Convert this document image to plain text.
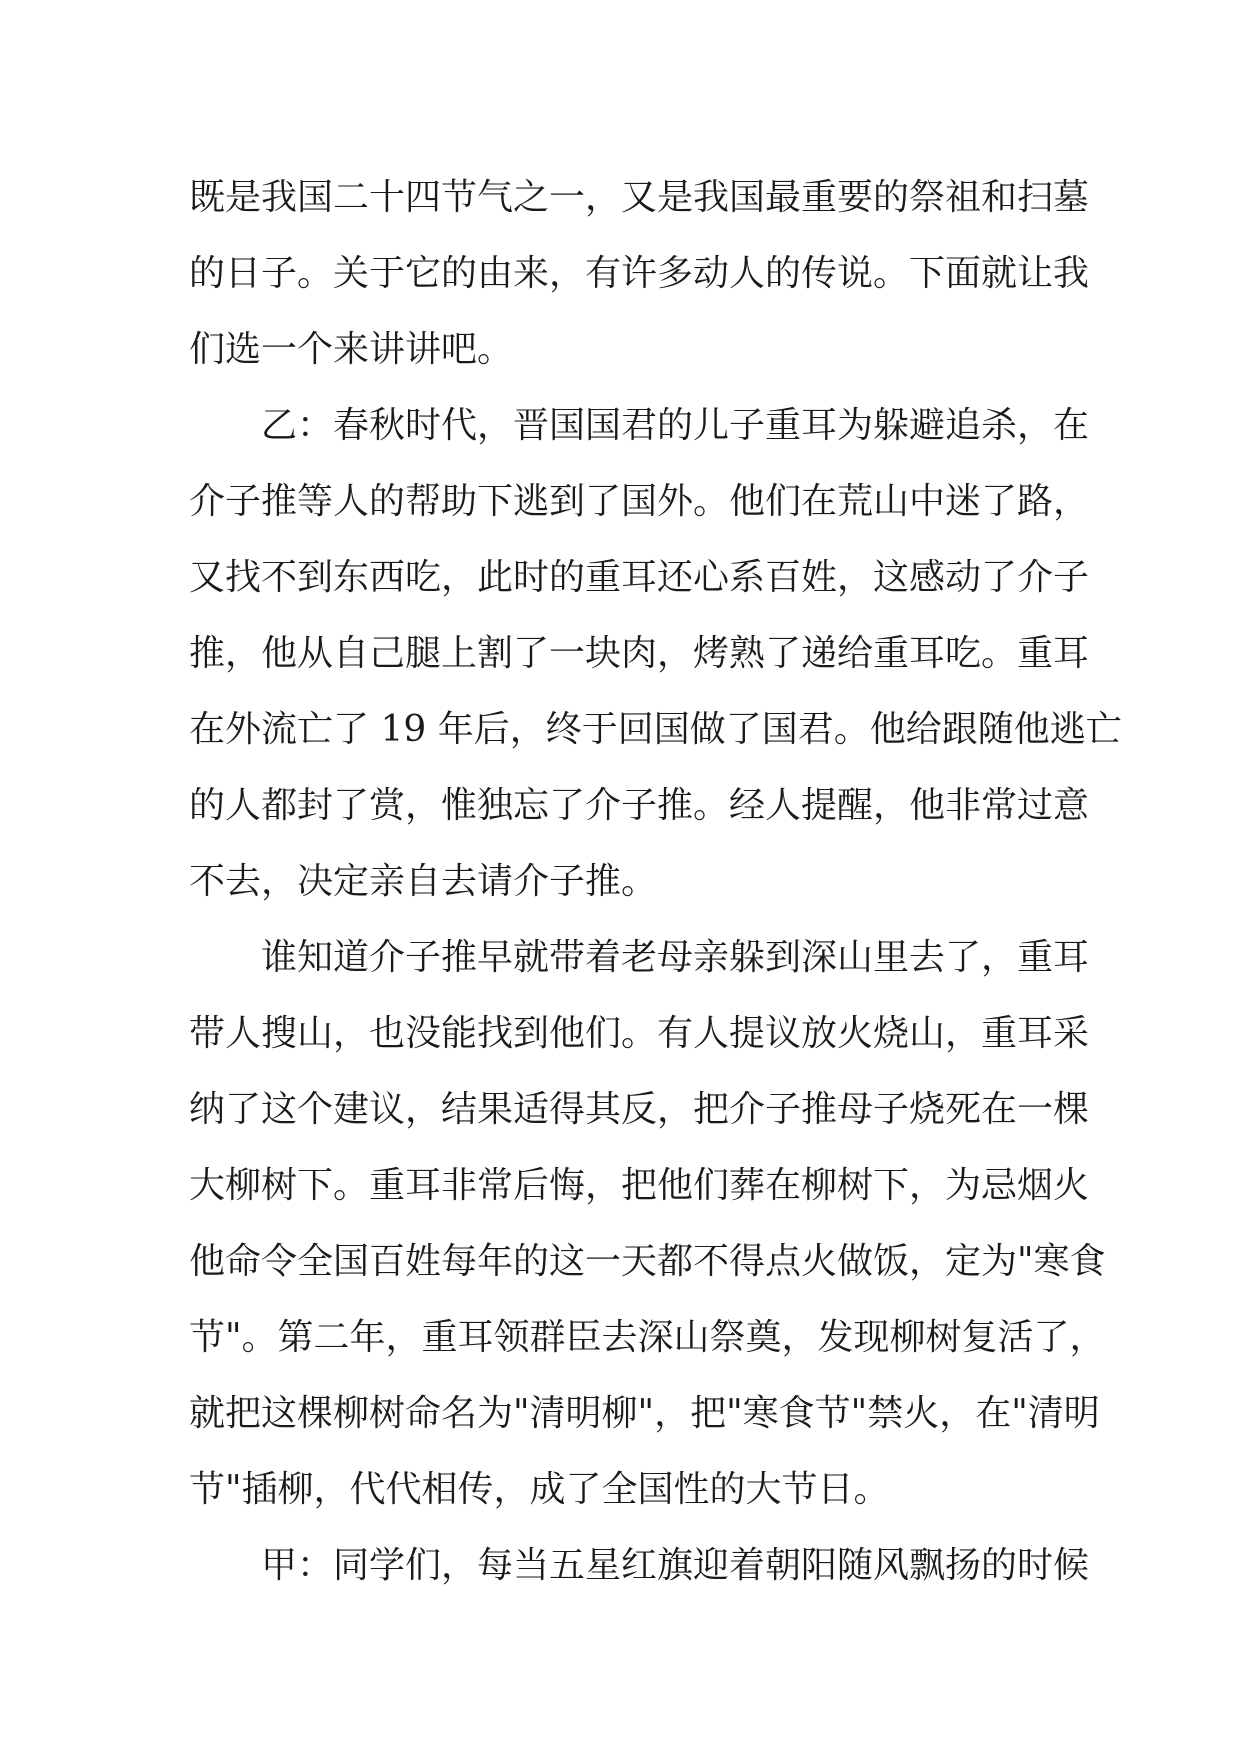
既是我国二十四节气之一，又是我国最重要的祭祖和扫墓
的日子。关于它的由来，有许多动人的传说。下面就让我
们选一个来讲讲吧。
乙：春秋时代，晋国国君的儿子重耳为躲避追杀，在
介子推等人的帮助下逃到了国外。他们在荒山中迷了路，
又找不到东西吃，此时的重耳还心系百姓，这感动了介子
推，他从自己腿上割了一块肉，烤熟了递给重耳吃。重耳
在外流亡了 19 年后，终于回国做了国君。他给跟随他逃亡
的人都封了赏，惟独忘了介子推。经人提醒，他非常过意
不去，决定亲自去请介子推。
谁知道介子推早就带着老母亲躲到深山里去了，重耳
带人搜山，也没能找到他们。有人提议放火烧山，重耳采
纳了这个建议，结果适得其反，把介子推母子烧死在一棵
大柳树下。重耳非常后悔，把他们葬在柳树下，为忌烟火
他命令全国百姓每年的这一天都不得点火做饭，定为"寒食
节"。第二年，重耳领群臣去深山祭奠，发现柳树复活了，
就把这棵柳树命名为"清明柳"，把"寒食节"禁火，在"清明
节"插柳，代代相传，成了全国性的大节日。
甲：同学们，每当五星红旗迎着朝阳随风飘扬的时候
